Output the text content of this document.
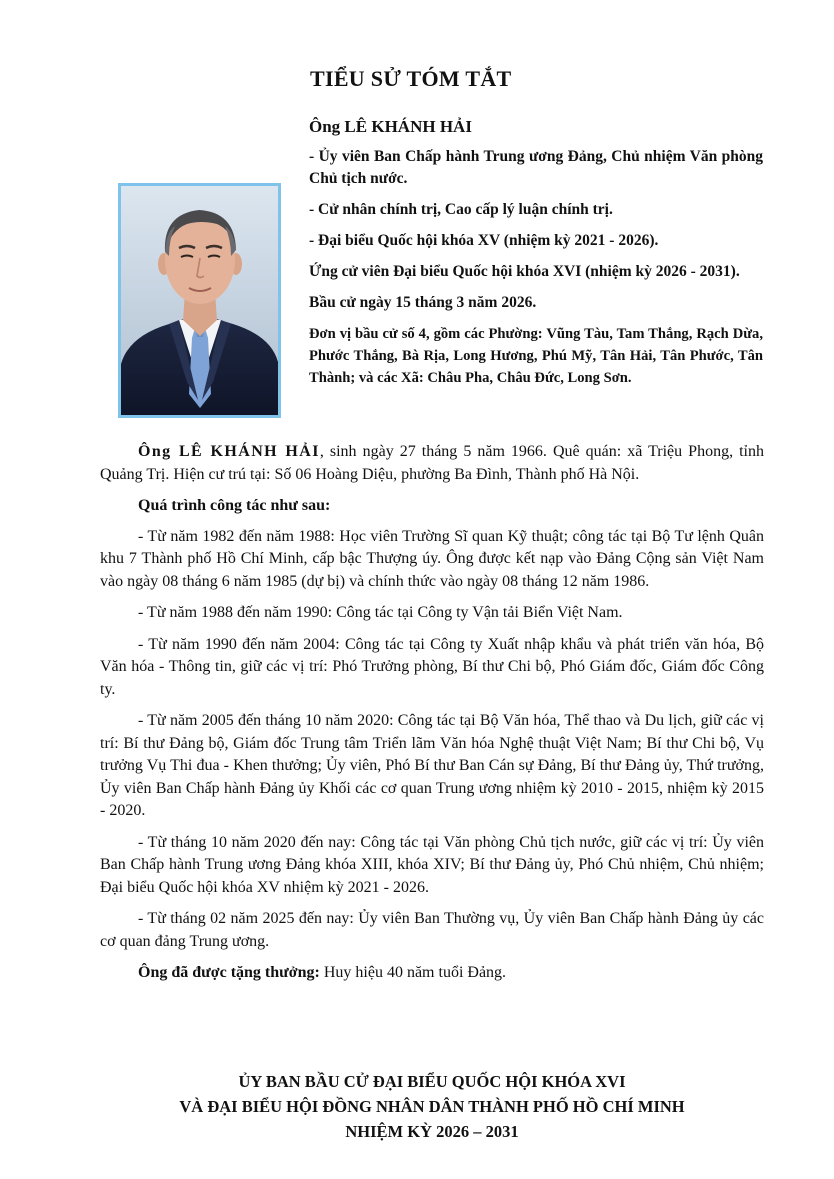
TIỂU SỬ TÓM TẮT

Ông LÊ KHÁNH HẢI

- Ủy viên Ban Chấp hành Trung ương Đảng, Chủ nhiệm Văn phòng Chủ tịch nước.

- Cử nhân chính trị, Cao cấp lý luận chính trị.

- Đại biểu Quốc hội khóa XV (nhiệm kỳ 2021 - 2026).

Ứng cử viên Đại biểu Quốc hội khóa XVI (nhiệm kỳ 2026 - 2031).

Bầu cử ngày 15 tháng 3 năm 2026.

Đơn vị bầu cử số 4, gồm các Phường: Vũng Tàu, Tam Thắng, Rạch Dừa, Phước Thắng, Bà Rịa, Long Hương, Phú Mỹ, Tân Hải, Tân Phước, Tân Thành; và các Xã: Châu Pha, Châu Đức, Long Sơn.

Ông LÊ KHÁNH HẢI, sinh ngày 27 tháng 5 năm 1966. Quê quán: xã Triệu Phong, tỉnh Quảng Trị. Hiện cư trú tại: Số 06 Hoàng Diệu, phường Ba Đình, Thành phố Hà Nội.

Quá trình công tác như sau:

- Từ năm 1982 đến năm 1988: Học viên Trường Sĩ quan Kỹ thuật; công tác tại Bộ Tư lệnh Quân khu 7 Thành phố Hồ Chí Minh, cấp bậc Thượng úy. Ông được kết nạp vào Đảng Cộng sản Việt Nam vào ngày 08 tháng 6 năm 1985 (dự bị) và chính thức vào ngày 08 tháng 12 năm 1986.

- Từ năm 1988 đến năm 1990: Công tác tại Công ty Vận tải Biển Việt Nam.

- Từ năm 1990 đến năm 2004: Công tác tại Công ty Xuất nhập khẩu và phát triển văn hóa, Bộ Văn hóa - Thông tin, giữ các vị trí: Phó Trưởng phòng, Bí thư Chi bộ, Phó Giám đốc, Giám đốc Công ty.

- Từ năm 2005 đến tháng 10 năm 2020: Công tác tại Bộ Văn hóa, Thể thao và Du lịch, giữ các vị trí: Bí thư Đảng bộ, Giám đốc Trung tâm Triển lãm Văn hóa Nghệ thuật Việt Nam; Bí thư Chi bộ, Vụ trưởng Vụ Thi đua - Khen thưởng; Ủy viên, Phó Bí thư Ban Cán sự Đảng, Bí thư Đảng ủy, Thứ trưởng, Ủy viên Ban Chấp hành Đảng ủy Khối các cơ quan Trung ương nhiệm kỳ 2010 - 2015, nhiệm kỳ 2015 - 2020.

- Từ tháng 10 năm 2020 đến nay: Công tác tại Văn phòng Chủ tịch nước, giữ các vị trí: Ủy viên Ban Chấp hành Trung ương Đảng khóa XIII, khóa XIV; Bí thư Đảng ủy, Phó Chủ nhiệm, Chủ nhiệm; Đại biểu Quốc hội khóa XV nhiệm kỳ 2021 - 2026.

- Từ tháng 02 năm 2025 đến nay: Ủy viên Ban Thường vụ, Ủy viên Ban Chấp hành Đảng ủy các cơ quan đảng Trung ương.

Ông đã được tặng thưởng: Huy hiệu 40 năm tuổi Đảng.

ỦY BAN BẦU CỬ ĐẠI BIỂU QUỐC HỘI KHÓA XVI
VÀ ĐẠI BIỂU HỘI ĐỒNG NHÂN DÂN THÀNH PHỐ HỒ CHÍ MINH
NHIỆM KỲ 2026 – 2031
